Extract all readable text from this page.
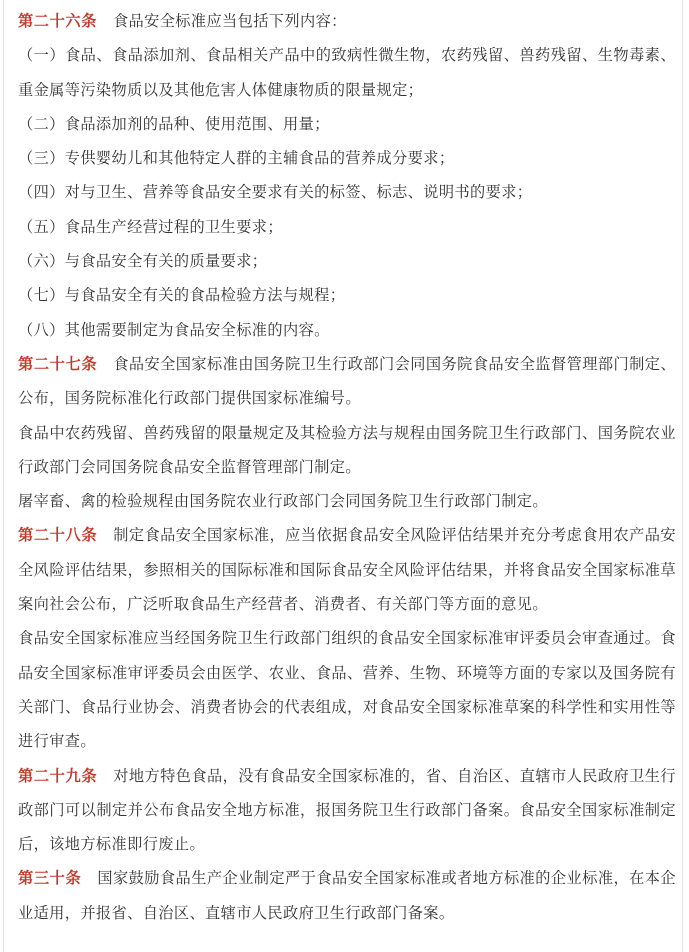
第二十六条 食品安全标准应当包括下列内容：

（一）食品、食品添加剂、食品相关产品中的致病性微生物，农药残留、兽药残留、生物毒素、重金属等污染物质以及其他危害人体健康物质的限量规定；

（二）食品添加剂的品种、使用范围、用量；

（三）专供婴幼儿和其他特定人群的主辅食品的营养成分要求；

（四）对与卫生、营养等食品安全要求有关的标签、标志、说明书的要求；

（五）食品生产经营过程的卫生要求；

（六）与食品安全有关的质量要求；

（七）与食品安全有关的食品检验方法与规程；

（八）其他需要制定为食品安全标准的内容。

第二十七条 食品安全国家标准由国务院卫生行政部门会同国务院食品安全监督管理部门制定、公布，国务院标准化行政部门提供国家标准编号。

食品中农药残留、兽药残留的限量规定及其检验方法与规程由国务院卫生行政部门、国务院农业行政部门会同国务院食品安全监督管理部门制定。

屠宰畜、禽的检验规程由国务院农业行政部门会同国务院卫生行政部门制定。

第二十八条 制定食品安全国家标准，应当依据食品安全风险评估结果并充分考虑食用农产品安全风险评估结果，参照相关的国际标准和国际食品安全风险评估结果，并将食品安全国家标准草案向社会公布，广泛听取食品生产经营者、消费者、有关部门等方面的意见。

食品安全国家标准应当经国务院卫生行政部门组织的食品安全国家标准审评委员会审查通过。食品安全国家标准审评委员会由医学、农业、食品、营养、生物、环境等方面的专家以及国务院有关部门、食品行业协会、消费者协会的代表组成，对食品安全国家标准草案的科学性和实用性等进行审查。

第二十九条 对地方特色食品，没有食品安全国家标准的，省、自治区、直辖市人民政府卫生行政部门可以制定并公布食品安全地方标准，报国务院卫生行政部门备案。食品安全国家标准制定后，该地方标准即行废止。

第三十条 国家鼓励食品生产企业制定严于食品安全国家标准或者地方标准的企业标准，在本企业适用，并报省、自治区、直辖市人民政府卫生行政部门备案。
